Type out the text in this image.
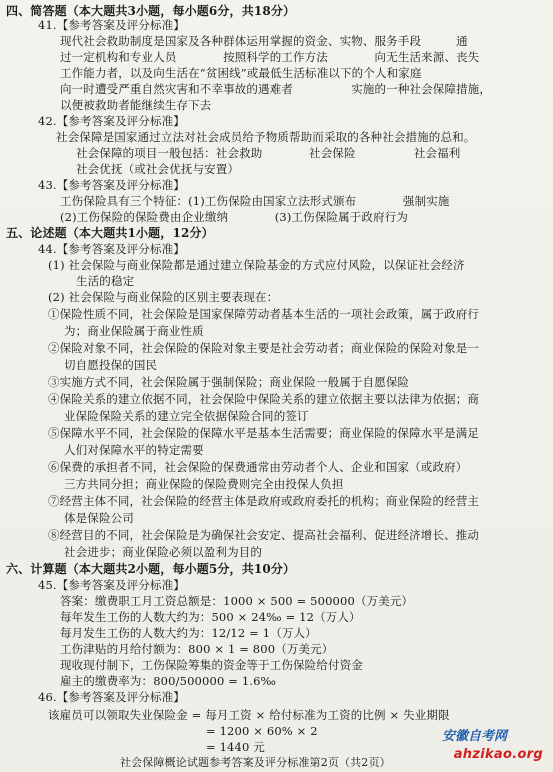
四、简答题（本大题共3小题，每小题6分，共18分）
41.【参考答案及评分标准】
现代社会救助制度是国家及各种群体运用掌握的资金、实物、服务手段　　　通
过一定机构和专业人员　　　　按照科学的工作方法　　　　向无生活来源、丧失
工作能力者，以及向生活在“贫困线”或最低生活标准以下的个人和家庭
向一时遭受严重自然灾害和不幸事故的遇难者　　　　　实施的一种社会保障措施，
以便被救助者能继续生存下去
42.【参考答案及评分标准】
社会保障是国家通过立法对社会成员给予物质帮助而采取的各种社会措施的总和。
社会保障的项目一般包括：社会救助　　　　社会保险　　　　　社会福利
社会优抚（或社会优抚与安置）
43.【参考答案及评分标准】
工伤保险具有三个特征：(1)工伤保险由国家立法形式颁布　　　　强制实施
(2)工伤保险的保险费由企业缴纳　　　　(3)工伤保险属于政府行为
五、论述题（本大题共1小题，12分）
44.【参考答案及评分标准】
(1) 社会保险与商业保险都是通过建立保险基金的方式应付风险，以保证社会经济
生活的稳定
(2) 社会保险与商业保险的区别主要表现在：
①保险性质不同，社会保险是国家保障劳动者基本生活的一项社会政策，属于政府行
为；商业保险属于商业性质
②保险对象不同，社会保险的保险对象主要是社会劳动者；商业保险的保险对象是一
切自愿投保的国民
③实施方式不同，社会保险属于强制保险；商业保险一般属于自愿保险
④保险关系的建立依据不同，社会保险中保险关系的建立依据主要以法律为依据；商
业保险保险关系的建立完全依据保险合同的签订
⑤保障水平不同，社会保险的保障水平是基本生活需要；商业保险的保障水平是满足
人们对保障水平的特定需要
⑥保费的承担者不同，社会保险的保费通常由劳动者个人、企业和国家（或政府）
三方共同分担；商业保险的保险费则完全由投保人负担
⑦经营主体不同，社会保险的经营主体是政府或政府委托的机构；商业保险的经营主
体是保险公司
⑧经营目的不同，社会保险是为确保社会安定、提高社会福利、促进经济增长、推动
社会进步；商业保险必须以盈利为目的
六、计算题（本大题共2小题，每小题5分，共10分）
45.【参考答案及评分标准】
答案：缴费职工月工资总额是：1000 × 500 = 500000（万美元）
每年发生工伤的人数大约为：500 × 24‰ = 12（万人）
每月发生工伤的人数大约为：12/12 = 1（万人）
工伤津贴的月给付额为：800 × 1 = 800（万美元）
现收现付制下，工伤保险筹集的资金等于工伤保险给付资金
雇主的缴费率为：800/500000 = 1.6‰
46.【参考答案及评分标准】
该雇员可以领取失业保险金 = 每月工资 × 给付标准为工资的比例 × 失业期限
= 1200 × 60% × 2
= 1440 元
社会保障概论试题参考答案及评分标准第2页（共2页）
安徽自考网
ahzikao.org
